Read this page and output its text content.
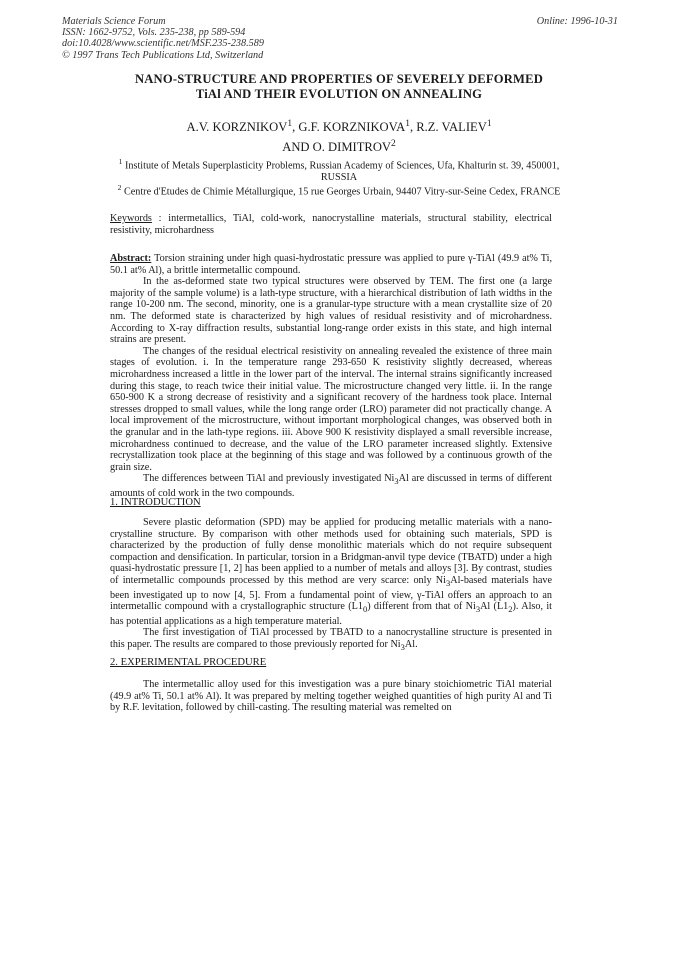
Materials Science Forum
ISSN: 1662-9752, Vols. 235-238, pp 589-594
doi:10.4028/www.scientific.net/MSF.235-238.589
© 1997 Trans Tech Publications Ltd, Switzerland
Online: 1996-10-31
NANO-STRUCTURE AND PROPERTIES OF SEVERELY DEFORMED
TiAl AND THEIR EVOLUTION ON ANNEALING
A.V. KORZNIKOV$^1$, G.F. KORZNIKOVA$^1$, R.Z. VALIEV$^1$
AND O. DIMITROV$^2$
$^1$ Institute of Metals Superplasticity Problems, Russian Academy of Sciences, Ufa, Khalturin st. 39, 450001, RUSSIA
$^2$ Centre d'Etudes de Chimie Métallurgique, 15 rue Georges Urbain, 94407 Vitry-sur-Seine Cedex, FRANCE

Keywords : intermetallics, TiAl, cold-work, nanocrystalline materials, structural stability, electrical resistivity, microhardness

Abstract: Torsion straining under high quasi-hydrostatic pressure was applied to pure γ-TiAl (49.9 at% Ti, 50.1 at% Al), a brittle intermetallic compound.

In the as-deformed state two typical structures were observed by TEM. The first one (a large majority of the sample volume) is a lath-type structure, with a hierarchical distribution of lath widths in the range 10-200 nm. The second, minority, one is a granular-type structure with a mean crystallite size of 20 nm. The deformed state is characterized by high values of residual resistivity and of microhardness. According to X-ray diffraction results, substantial long-range order exists in this state, and high internal strains are present.

The changes of the residual electrical resistivity on annealing revealed the existence of three main stages of evolution. i. In the temperature range 293-650 K resistivity slightly decreased, whereas microhardness increased a little in the lower part of the interval. The internal strains significantly increased during this stage, to reach twice their initial value. The microstructure changed very little. ii. In the range 650-900 K a strong decrease of resistivity and a significant recovery of the hardness took place. Internal stresses dropped to small values, while the long range order (LRO) parameter did not practically change. A local improvement of the microstructure, without important morphological changes, was observed both in the granular and in the lath-type regions. iii. Above 900 K resistivity displayed a small reversible increase, microhardness continued to decrease, and the value of the LRO parameter increased slightly. Extensive recrystallization took place at the beginning of this stage and was followed by a continuous growth of the grain size.

The differences between TiAl and previously investigated $Ni_3Al$ are discussed in terms of different amounts of cold work in the two compounds.

1. INTRODUCTION

Severe plastic deformation (SPD) may be applied for producing metallic materials with a nano-crystalline structure. By comparison with other methods used for obtaining such materials, SPD is characterized by the production of fully dense monolithic materials which do not require subsequent compaction and densification. In particular, torsion in a Bridgman-anvil type device (TBATD) under a high quasi-hydrostatic pressure [1, 2] has been applied to a number of metals and alloys [3]. By contrast, studies of intermetallic compounds processed by this method are very scarce: only $Ni_3Al$-based materials have been investigated up to now [4, 5]. From a fundamental point of view, γ-TiAl offers an approach to an intermetallic compound with a crystallographic structure $(L1_0)$ different from that of $Ni_3Al$ $(L1_2)$. Also, it has potential applications as a high temperature material.

The first investigation of TiAl processed by TBATD to a nanocrystalline structure is presented in this paper. The results are compared to those previously reported for $Ni_3Al$.

2. EXPERIMENTAL PROCEDURE

The intermetallic alloy used for this investigation was a pure binary stoichiometric TiAl material (49.9 at% Ti, 50.1 at% Al). It was prepared by melting together weighed quantities of high purity Al and Ti by R.F. levitation, followed by chill-casting. The resulting material was remelted on
